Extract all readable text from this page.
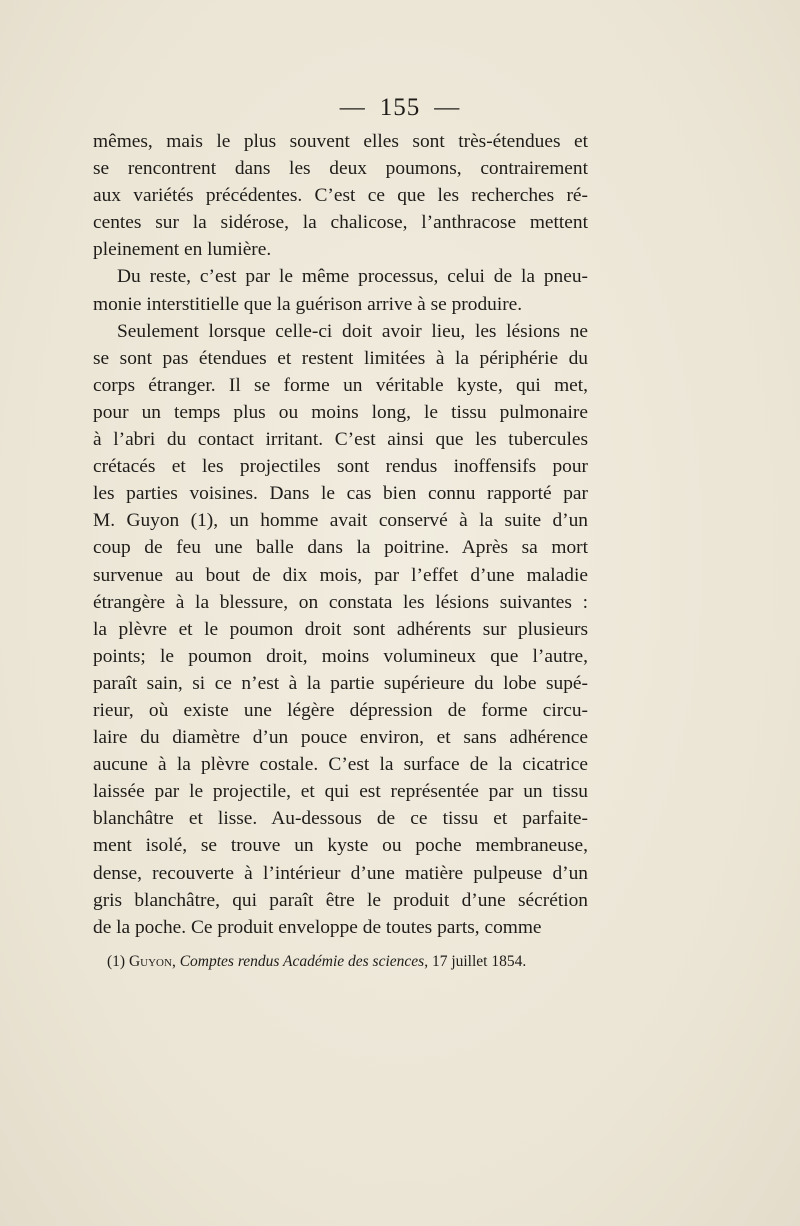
— 155 —
mêmes, mais le plus souvent elles sont très-étendues et
se rencontrent dans les deux poumons, contrairement
aux variétés précédentes. C’est ce que les recherches ré-
centes sur la sidérose, la chalicose, l’anthracose mettent
pleinement en lumière.
Du reste, c’est par le même processus, celui de la pneu-
monie interstitielle que la guérison arrive à se produire.
Seulement lorsque celle-ci doit avoir lieu, les lésions ne
se sont pas étendues et restent limitées à la périphérie du
corps étranger. Il se forme un véritable kyste, qui met,
pour un temps plus ou moins long, le tissu pulmonaire
à l’abri du contact irritant. C’est ainsi que les tubercules
crétacés et les projectiles sont rendus inoffensifs pour
les parties voisines. Dans le cas bien connu rapporté par
M. Guyon (1), un homme avait conservé à la suite d’un
coup de feu une balle dans la poitrine. Après sa mort
survenue au bout de dix mois, par l’effet d’une maladie
étrangère à la blessure, on constata les lésions suivantes :
la plèvre et le poumon droit sont adhérents sur plusieurs
points; le poumon droit, moins volumineux que l’autre,
paraît sain, si ce n’est à la partie supérieure du lobe supé-
rieur, où existe une légère dépression de forme circu-
laire du diamètre d’un pouce environ, et sans adhérence
aucune à la plèvre costale. C’est la surface de la cicatrice
laissée par le projectile, et qui est représentée par un tissu
blanchâtre et lisse. Au-dessous de ce tissu et parfaite-
ment isolé, se trouve un kyste ou poche membraneuse,
dense, recouverte à l’intérieur d’une matière pulpeuse d’un
gris blanchâtre, qui paraît être le produit d’une sécrétion
de la poche. Ce produit enveloppe de toutes parts, comme
(1) Guyon, Comptes rendus Académie des sciences, 17 juillet 1854.
